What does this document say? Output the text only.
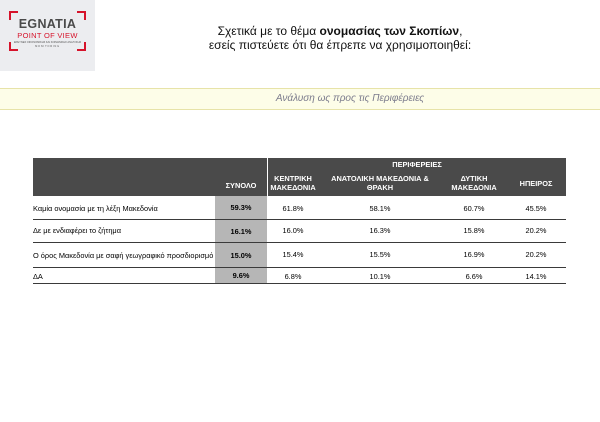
EGNATIA
POINT OF VIEW
ΕΡΕΥΝΕΣ ΟΙΚΟΝΟΜΙΚΗΣ ΚΑΙ ΚΟΙΝΩΝΙΚΗΣ ΑΝΑΛΥΣΗΣ
MONITORING
Σχετικά με το θέμα ονομασίας των Σκοπίων,
εσείς πιστεύετε ότι θα έπρεπε να χρησιμοποιηθεί:
Ανάλυση ως προς τις Περιφέρειες
ΣΥΝΟΛΟ
ΠΕΡΙΦΕΡΕΙΕΣ
ΚΕΝΤΡΙΚΗ
ΜΑΚΕΔΟΝΙΑ
ΑΝΑΤΟΛΙΚΗ ΜΑΚΕΔΟΝΙΑ &
ΘΡΑΚΗ
ΔΥΤΙΚΗ
ΜΑΚΕΔΟΝΙΑ	ΗΠΕΙΡΟΣ
Καμία ονομασία με τη λέξη Μακεδονία	59.3%	61.8%	58.1%	60.7%	45.5%
Δε με ενδιαφέρει το ζήτημα	16.1%	16.0%	16.3%	15.8%	20.2%
Ο όρος Μακεδονία με σαφή γεωγραφικό προσδιορισμό	15.0%	15.4%	15.5%	16.9%	20.2%
ΔΑ	9.6%	6.8%	10.1%	6.6%	14.1%
